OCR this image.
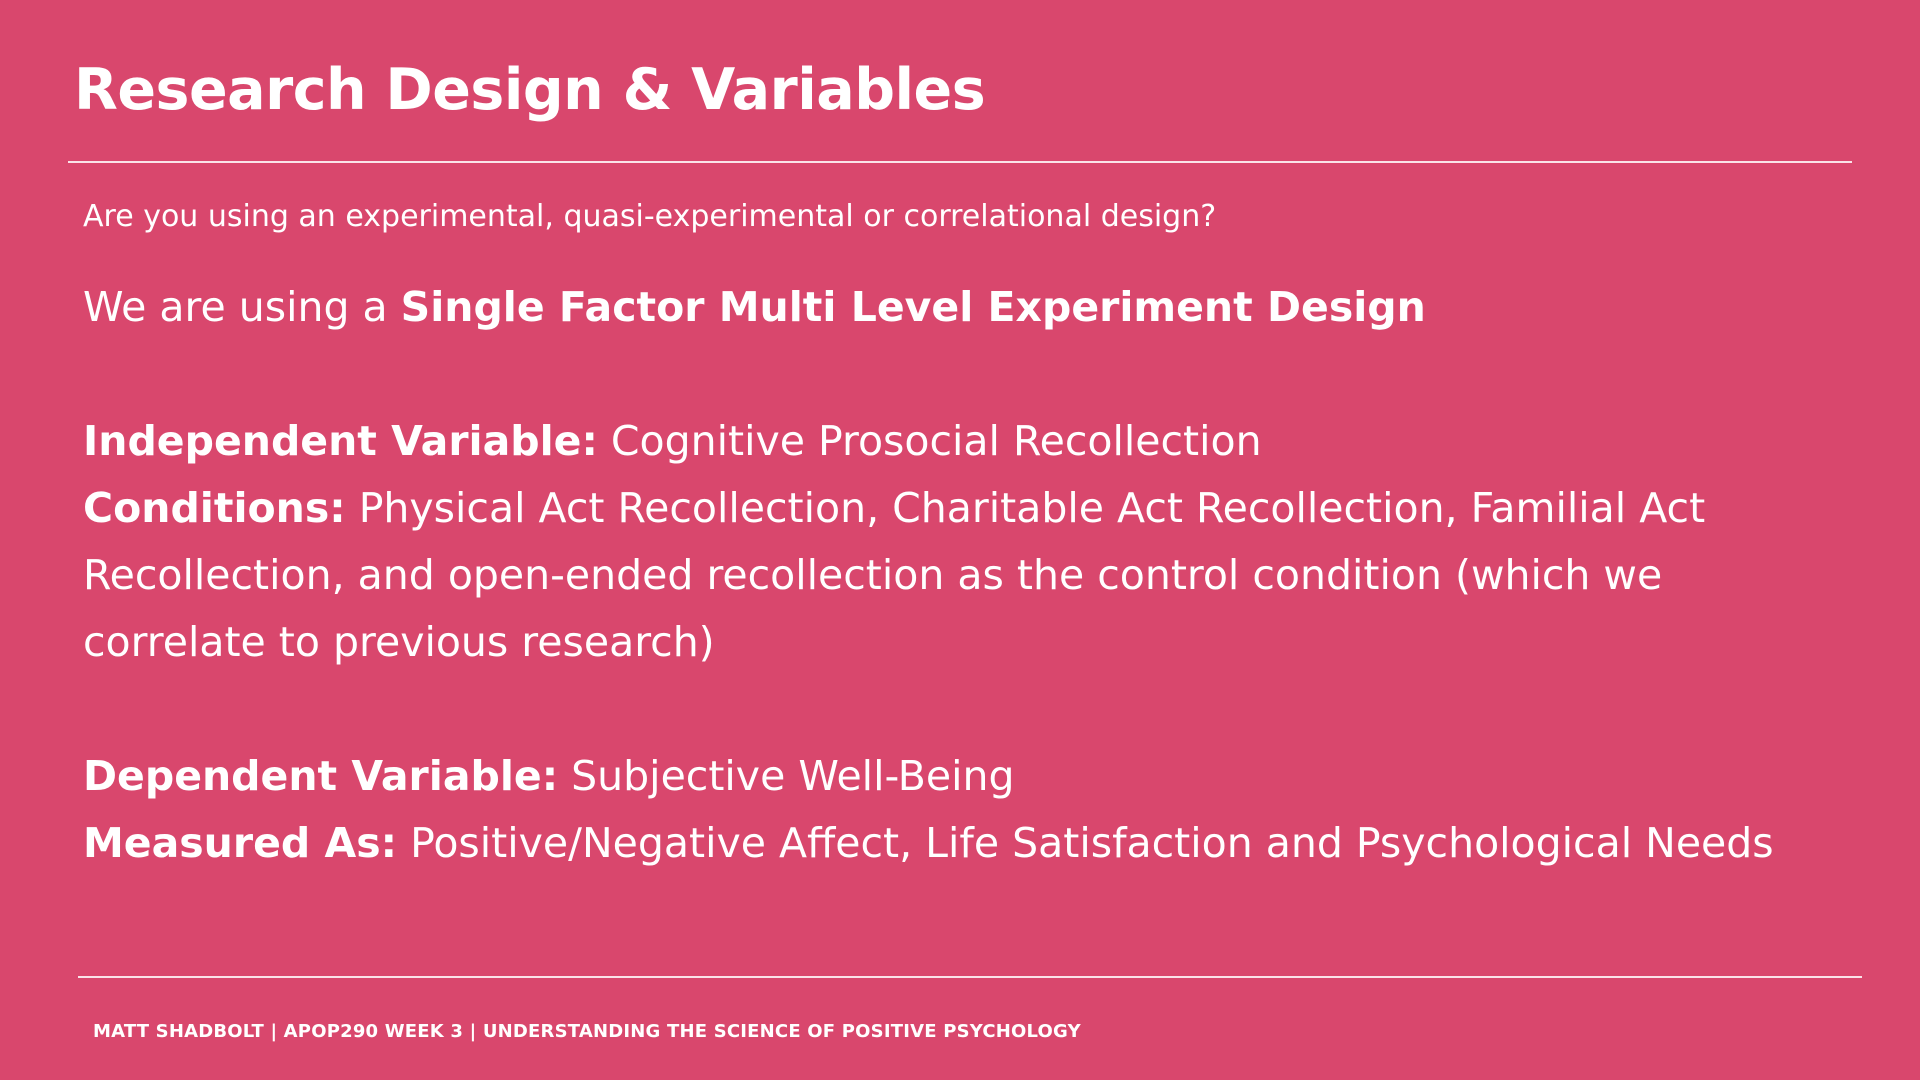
Research Design & Variables

Are you using an experimental, quasi-experimental or correlational design?

We are using a Single Factor Multi Level Experiment Design

Independent Variable: Cognitive Prosocial Recollection

Conditions: Physical Act Recollection, Charitable Act Recollection, Familial Act Recollection, and open-ended recollection as the control condition (which we correlate to previous research)

Dependent Variable: Subjective Well-Being

Measured As: Positive/Negative Affect, Life Satisfaction and Psychological Needs

MATT SHADBOLT | APOP290 WEEK 3 | UNDERSTANDING THE SCIENCE OF POSITIVE PSYCHOLOGY
